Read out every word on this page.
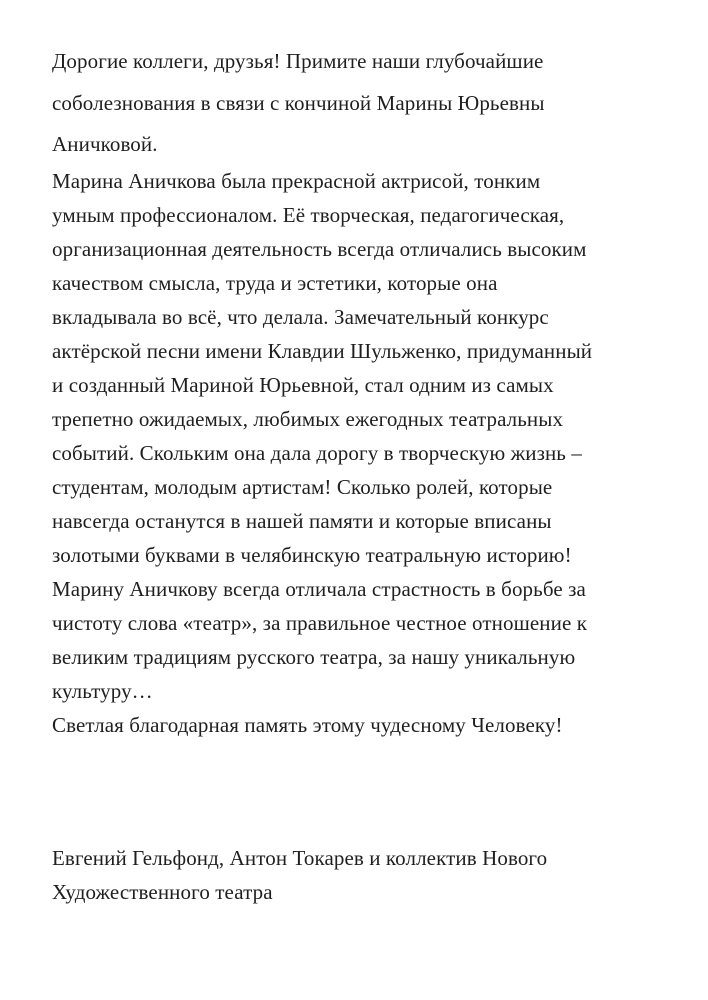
Дорогие коллеги, друзья! Примите наши глубочайшие
соболезнования в связи с кончиной Марины Юрьевны
Аничковой.
Марина Аничкова была прекрасной актрисой, тонким
умным профессионалом. Её творческая, педагогическая,
организационная деятельность всегда отличались высоким
качеством смысла, труда и эстетики, которые она
вкладывала во всё, что делала. Замечательный конкурс
актёрской песни имени Клавдии Шульженко, придуманный
и созданный Мариной Юрьевной, стал одним из самых
трепетно ожидаемых, любимых ежегодных театральных
событий. Скольким она дала дорогу в творческую жизнь –
студентам, молодым артистам! Сколько ролей, которые
навсегда останутся в нашей памяти и которые вписаны
золотыми буквами в челябинскую театральную историю!
Марину Аничкову всегда отличала страстность в борьбе за
чистоту слова «театр», за правильное честное отношение к
великим традициям русского театра, за нашу уникальную
культуру…
Светлая благодарная память этому чудесному Человеку!
Евгений Гельфонд, Антон Токарев и коллектив Нового
Художественного театра
